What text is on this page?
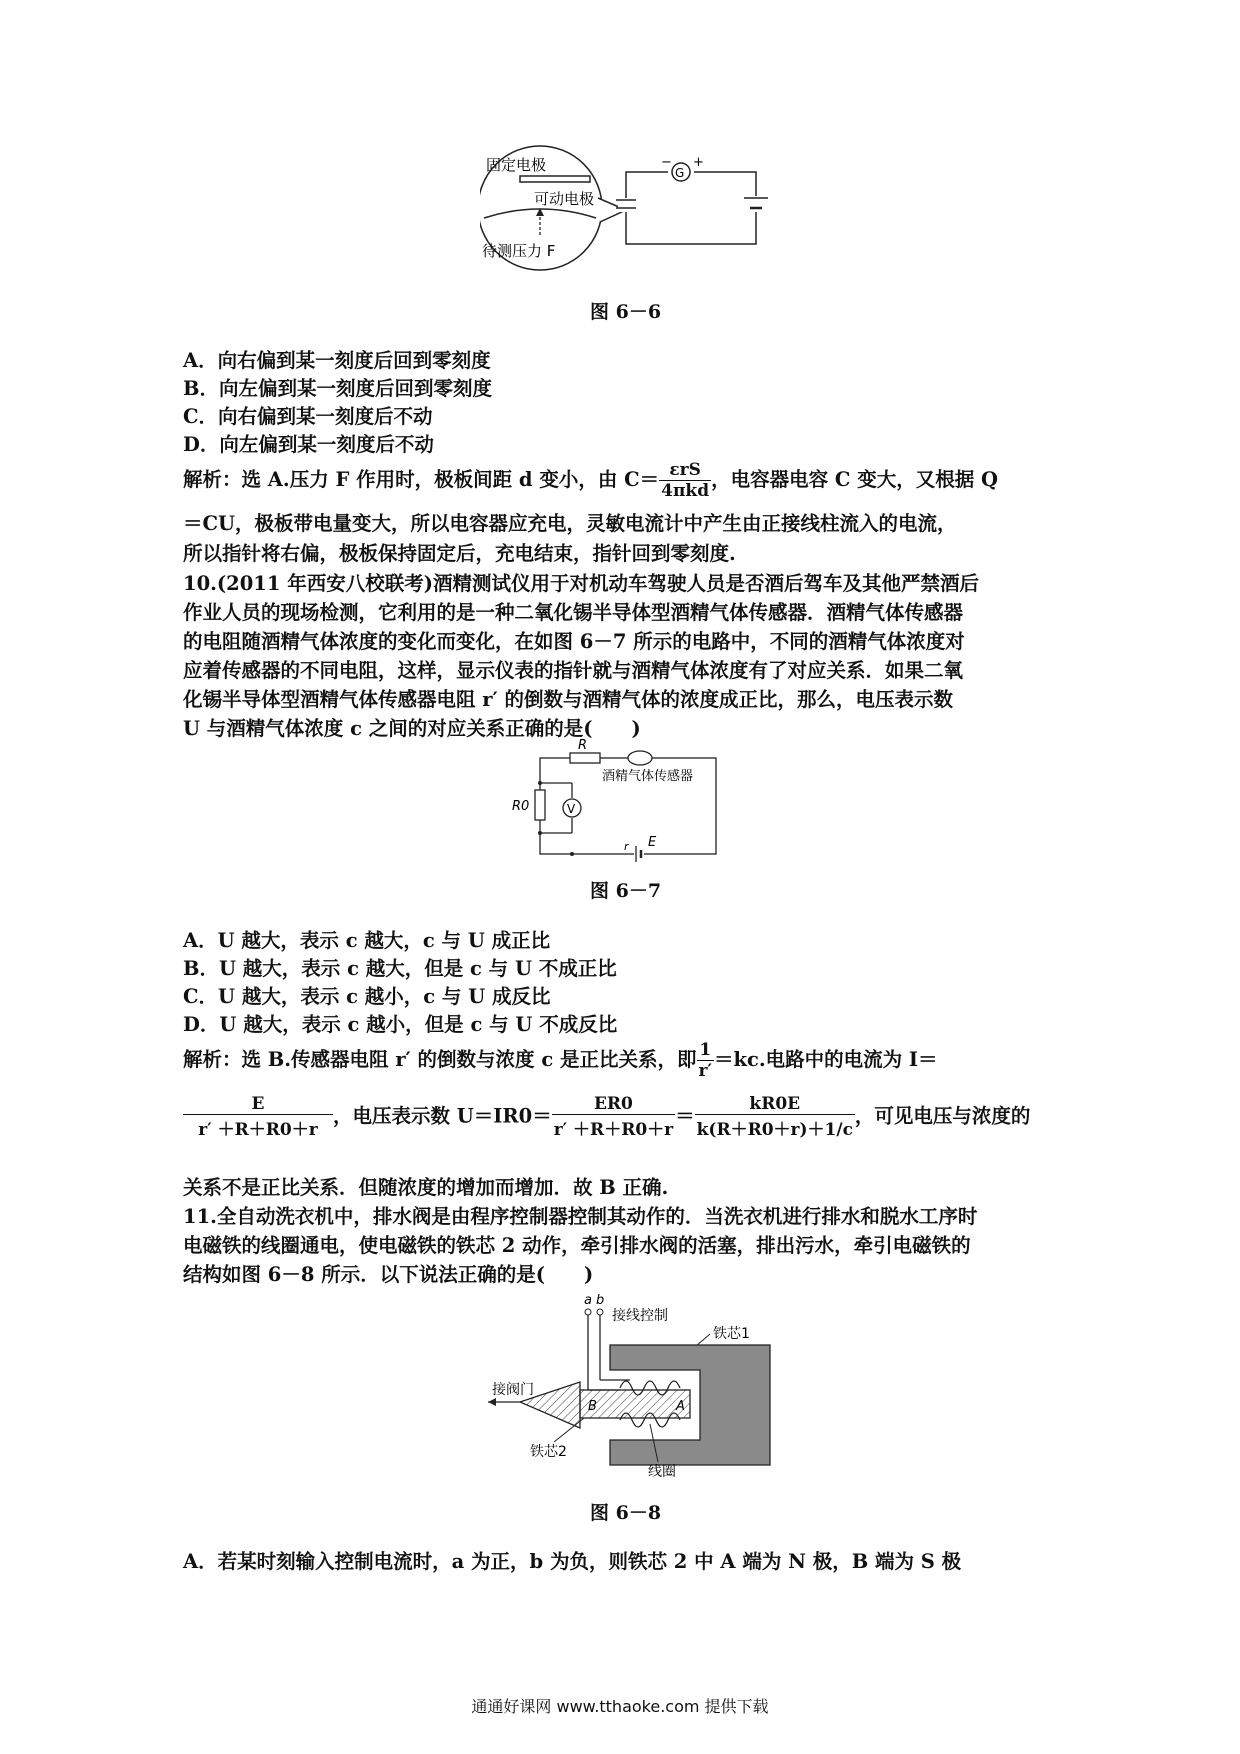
固定电极
可动电极
待测压力 F
G
− +
图 6－6
A．向右偏到某一刻度后回到零刻度
B．向左偏到某一刻度后回到零刻度
C．向右偏到某一刻度后不动
D．向左偏到某一刻度后不动
解析：选 A.压力 F 作用时，极板间距 d 变小，由 $C= \frac{\text{εrS}}{\text{4πkd}}$ ，电容器电容 C 变大，又根据 Q
＝CU，极板带电量变大，所以电容器应充电，灵敏电流计中产生由正接线柱流入的电流，
所以指针将右偏，极板保持固定后，充电结束，指针回到零刻度.
10.(2011 年西安八校联考)酒精测试仪用于对机动车驾驶人员是否酒后驾车及其他严禁酒后
作业人员的现场检测，它利用的是一种二氧化锡半导体型酒精气体传感器．酒精气体传感器
的电阻随酒精气体浓度的变化而变化，在如图 6－7 所示的电路中，不同的酒精气体浓度对
应着传感器的不同电阻，这样，显示仪表的指针就与酒精气体浓度有了对应关系．如果二氧
化锡半导体型酒精气体传感器电阻 r′ 的倒数与酒精气体的浓度成正比，那么，电压表示数
U 与酒精气体浓度 c 之间的对应关系正确的是(　　)
R
酒精气体传感器
R0	V
r E
图 6－7
A．U 越大，表示 c 越大，c 与 U 成正比
B．U 越大，表示 c 越大，但是 c 与 U 不成正比
C．U 越大，表示 c 越小，c 与 U 成反比
D．U 越大，表示 c 越小，但是 c 与 U 不成反比
解析：选 B.传感器电阻 r′ 的倒数与浓度 c 是正比关系，即 $\frac{1}{r'} =kc$.电路中的电流为 I＝
$\frac{E}{r' +R+R0+r}$ ，电压表示数 $U=IR0= \frac{ER0}{r' +R+R0+r} = \frac{kR0E}{k(R+R0+r)+1/c}$ ，可见电压与浓度的
关系不是正比关系．但随浓度的增加而增加．故 B 正确.
11.全自动洗衣机中，排水阀是由程序控制器控制其动作的．当洗衣机进行排水和脱水工序时
电磁铁的线圈通电，使电磁铁的铁芯 2 动作，牵引排水阀的活塞，排出污水，牵引电磁铁的
结构如图 6－8 所示．以下说法正确的是(　　)
a b
接线控制
铁芯1
接阀门
B	A
铁芯2
线圈
图 6－8
A．若某时刻输入控制电流时，a 为正，b 为负，则铁芯 2 中 A 端为 N 极，B 端为 S 极
通通好课网 www.tthaoke.com 提供下载
